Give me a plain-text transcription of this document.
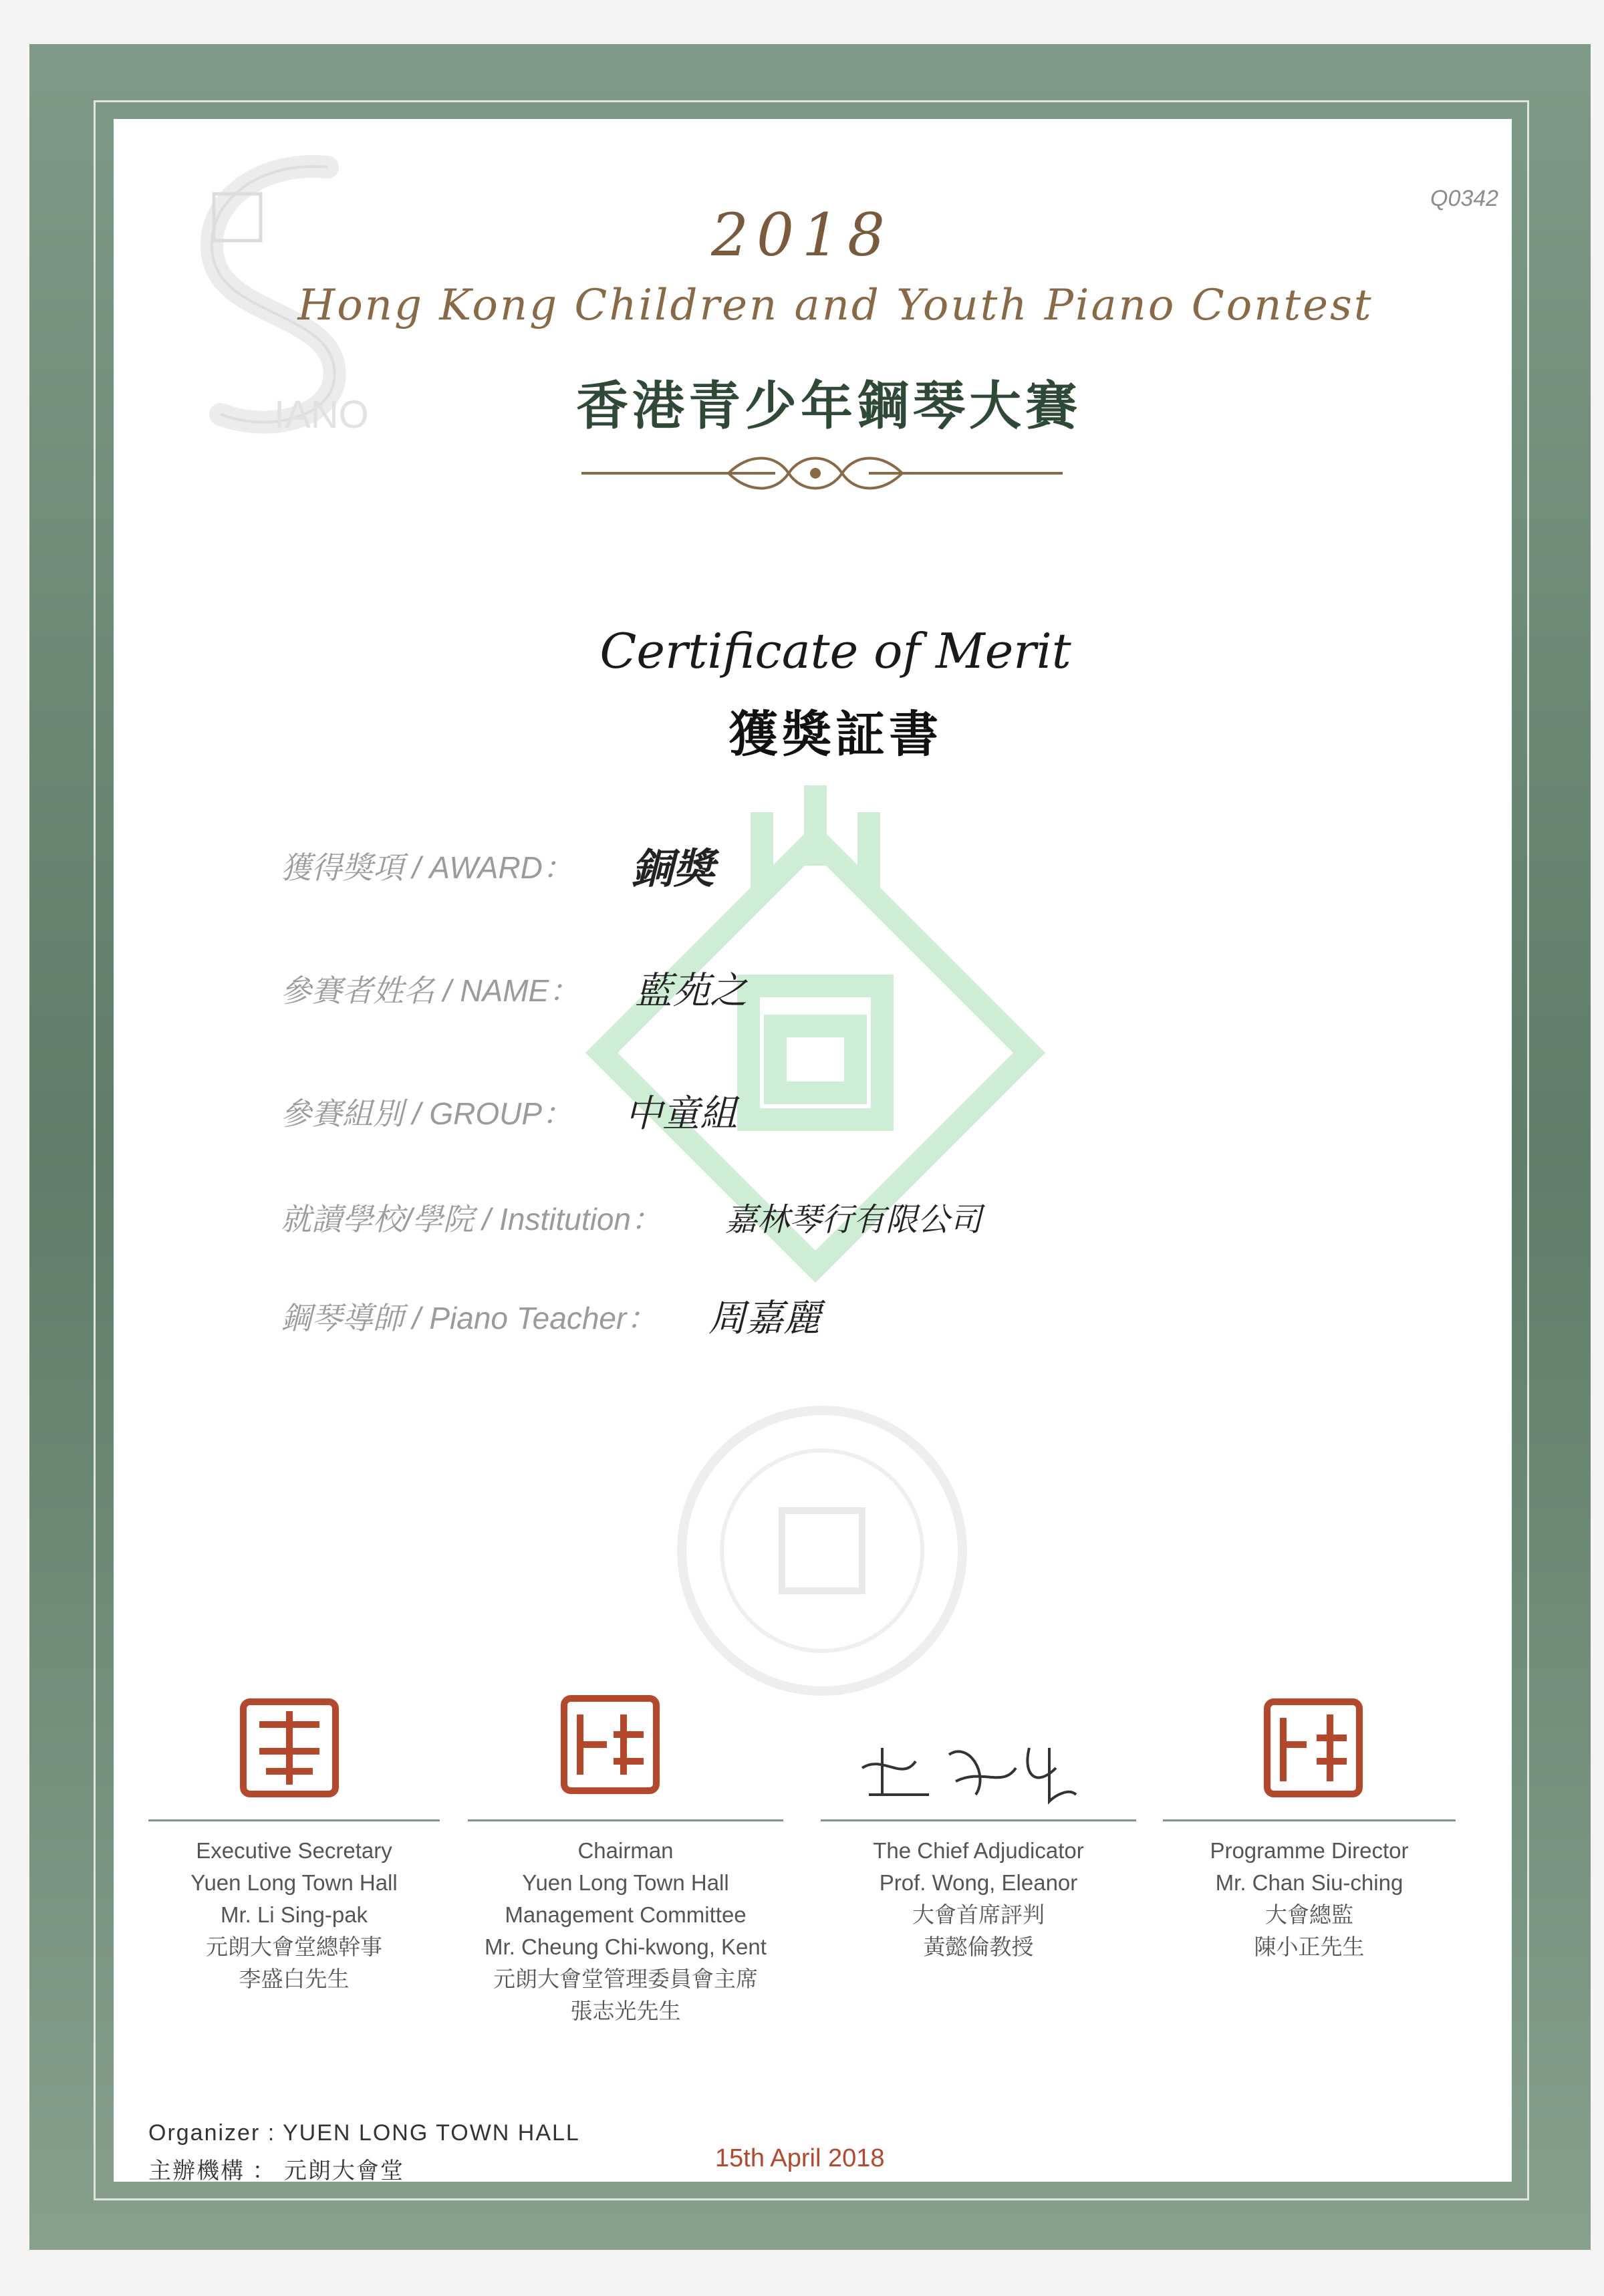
IANO
Q0342
2018
Hong Kong Children and Youth Piano Contest
香港青少年鋼琴大賽
Certificate of Merit
獲獎証書
獲得獎項 / AWARD： 銅獎
參賽者姓名 / NAME： 藍苑之
參賽組別 / GROUP： 中童組
就讀學校/學院 / Institution： 嘉林琴行有限公司
鋼琴導師 / Piano Teacher： 周嘉麗
Executive Secretary
Yuen Long Town Hall
Mr. Li Sing-pak
元朗大會堂總幹事
李盛白先生
Chairman
Yuen Long Town Hall
Management Committee
Mr. Cheung Chi-kwong, Kent
元朗大會堂管理委員會主席
張志光先生
The Chief Adjudicator
Prof. Wong, Eleanor
大會首席評判
黃懿倫教授
Programme Director
Mr. Chan Siu-ching
大會總監
陳小正先生
Organizer : YUEN LONG TOWN HALL
主辦機構 ： 元朗大會堂	15th April 2018
